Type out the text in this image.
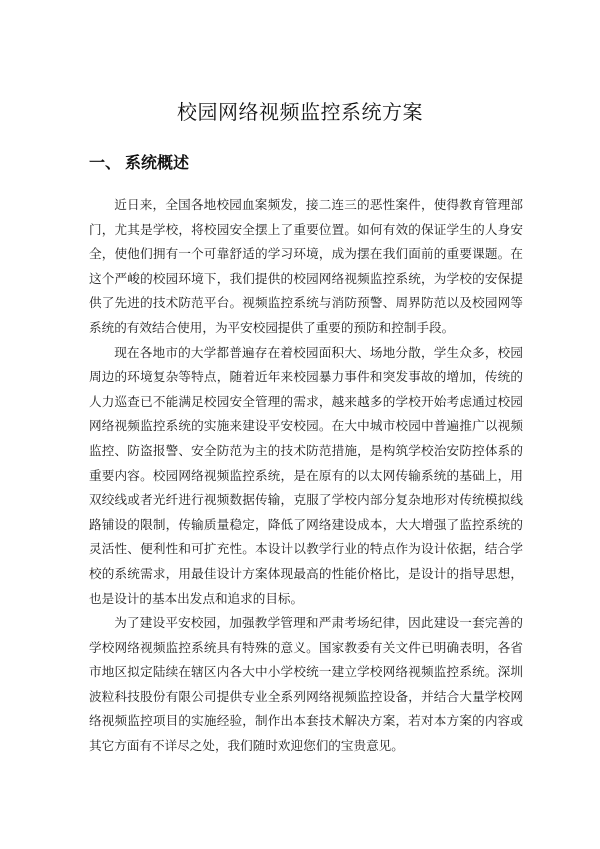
校园网络视频监控系统方案
一、 系统概述

近日来，全国各地校园血案频发，接二连三的恶性案件，使得教育管理部门，尤其是学校，将校园安全摆上了重要位置。如何有效的保证学生的人身安全，使他们拥有一个可靠舒适的学习环境，成为摆在我们面前的重要课题。在这个严峻的校园环境下，我们提供的校园网络视频监控系统，为学校的安保提供了先进的技术防范平台。视频监控系统与消防预警、周界防范以及校园网等系统的有效结合使用，为平安校园提供了重要的预防和控制手段。

现在各地市的大学都普遍存在着校园面积大、场地分散，学生众多，校园周边的环境复杂等特点，随着近年来校园暴力事件和突发事故的增加，传统的人力巡查已不能满足校园安全管理的需求，越来越多的学校开始考虑通过校园网络视频监控系统的实施来建设平安校园。在大中城市校园中普遍推广以视频监控、防盗报警、安全防范为主的技术防范措施，是构筑学校治安防控体系的重要内容。校园网络视频监控系统，是在原有的以太网传输系统的基础上，用双绞线或者光纤进行视频数据传输，克服了学校内部分复杂地形对传统模拟线路铺设的限制，传输质量稳定，降低了网络建设成本，大大增强了监控系统的灵活性、便利性和可扩充性。本设计以教学行业的特点作为设计依据，结合学校的系统需求，用最佳设计方案体现最高的性能价格比，是设计的指导思想，也是设计的基本出发点和追求的目标。

为了建设平安校园，加强教学管理和严肃考场纪律，因此建设一套完善的学校网络视频监控系统具有特殊的意义。国家教委有关文件已明确表明，各省市地区拟定陆续在辖区内各大中小学校统一建立学校网络视频监控系统。深圳波粒科技股份有限公司提供专业全系列网络视频监控设备，并结合大量学校网络视频监控项目的实施经验，制作出本套技术解决方案，若对本方案的内容或其它方面有不详尽之处，我们随时欢迎您们的宝贵意见。
